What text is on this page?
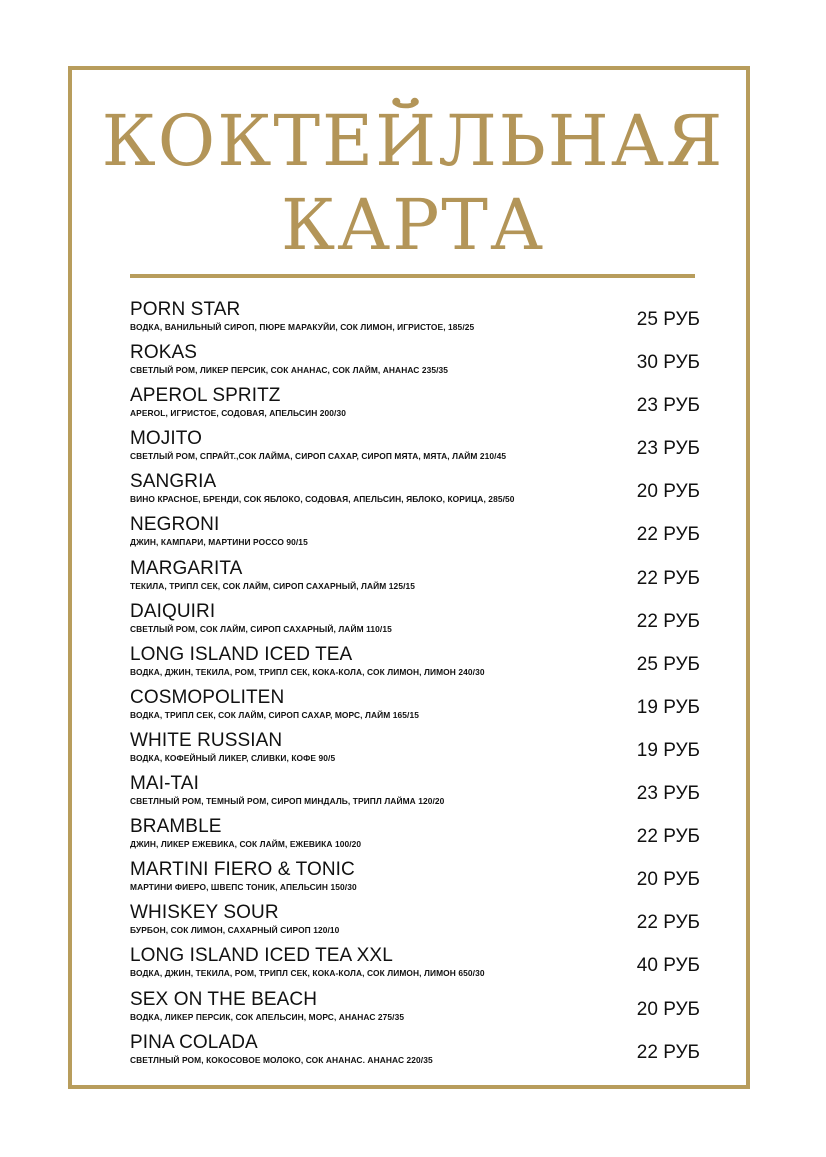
КОКТЕЙЛЬНАЯ
КАРТА
PORN STAR
ВОДКА, ВАНИЛЬНЫЙ СИРОП, ПЮРЕ МАРАКУЙИ, СОК ЛИМОН, ИГРИСТОЕ, 185/25	25 РУБ
ROKAS
СВЕТЛЫЙ РОМ, ЛИКЕР ПЕРСИК, СОК АНАНАС, СОК ЛАЙМ, АНАНАС 235/35	30 РУБ
APEROL SPRITZ
APEROL, ИГРИСТОЕ, СОДОВАЯ, АПЕЛЬСИН 200/30	23 РУБ
MOJITO
СВЕТЛЫЙ РОМ, СПРАЙТ.,СОК ЛАЙМА, СИРОП САХАР, СИРОП МЯТА, МЯТА, ЛАЙМ 210/45	23 РУБ
SANGRIA
ВИНО КРАСНОЕ, БРЕНДИ, СОК ЯБЛОКО, СОДОВАЯ, АПЕЛЬСИН, ЯБЛОКО, КОРИЦА, 285/50	20 РУБ
NEGRONI
ДЖИН, КАМПАРИ, МАРТИНИ РОССО 90/15	22 РУБ
MARGARITA
ТЕКИЛА, ТРИПЛ СЕК, СОК ЛАЙМ, СИРОП САХАРНЫЙ, ЛАЙМ 125/15	22 РУБ
DAIQUIRI
СВЕТЛЫЙ РОМ, СОК ЛАЙМ, СИРОП САХАРНЫЙ, ЛАЙМ 110/15	22 РУБ
LONG ISLAND ICED TEA
ВОДКА, ДЖИН, ТЕКИЛА, РОМ, ТРИПЛ СЕК, КОКА-КОЛА, СОК ЛИМОН, ЛИМОН 240/30	25 РУБ
COSMOPOLITEN
ВОДКА, ТРИПЛ СЕК, СОК ЛАЙМ, СИРОП САХАР, МОРС, ЛАЙМ 165/15	19 РУБ
WHITE RUSSIAN
ВОДКА, КОФЕЙНЫЙ ЛИКЕР, СЛИВКИ, КОФЕ 90/5	19 РУБ
MAI-TAI
СВЕТЛНЫЙ РОМ, ТЕМНЫЙ РОМ, СИРОП МИНДАЛЬ, ТРИПЛ ЛАЙМА 120/20	23 РУБ
BRAMBLE
ДЖИН, ЛИКЕР ЕЖЕВИКА, СОК ЛАЙМ, ЕЖЕВИКА 100/20	22 РУБ
MARTINI FIERO & TONIC
МАРТИНИ ФИЕРО, ШВЕПС ТОНИК, АПЕЛЬСИН 150/30	20 РУБ
WHISKEY SOUR
БУРБОН, СОК ЛИМОН, САХАРНЫЙ СИРОП 120/10	22 РУБ
LONG ISLAND ICED TEA XXL
ВОДКА, ДЖИН, ТЕКИЛА, РОМ, ТРИПЛ СЕК, КОКА-КОЛА, СОК ЛИМОН, ЛИМОН 650/30	40 РУБ
SEX ON THE BEACH
ВОДКА, ЛИКЕР ПЕРСИК, СОК АПЕЛЬСИН, МОРС, АНАНАС 275/35	20 РУБ
PINA COLADA
СВЕТЛНЫЙ РОМ, КОКОСОВОЕ МОЛОКО, СОК АНАНАС. АНАНАС 220/35	22 РУБ
